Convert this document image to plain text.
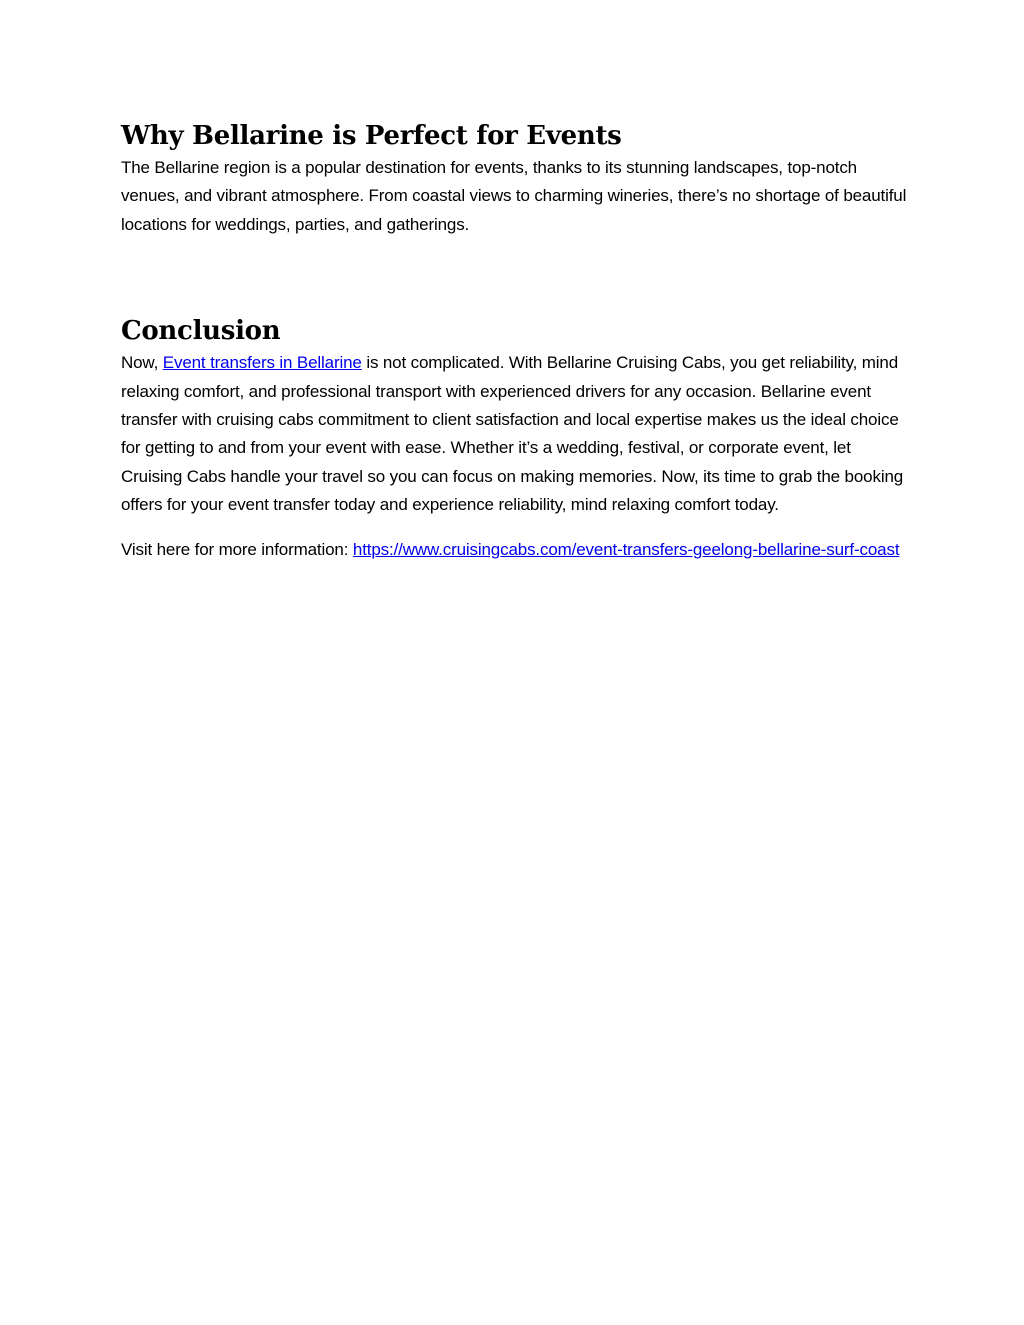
Why Bellarine is Perfect for Events

The Bellarine region is a popular destination for events, thanks to its stunning landscapes, top-notch venues, and vibrant atmosphere. From coastal views to charming wineries, there’s no shortage of beautiful locations for weddings, parties, and gatherings.

Conclusion

Now, Event transfers in Bellarine is not complicated. With Bellarine Cruising Cabs, you get reliability, mind relaxing comfort, and professional transport with experienced drivers for any occasion. Bellarine event transfer with cruising cabs commitment to client satisfaction and local expertise makes us the ideal choice for getting to and from your event with ease. Whether it’s a wedding, festival, or corporate event, let Cruising Cabs handle your travel so you can focus on making memories. Now, its time to grab the booking offers for your event transfer today and experience reliability, mind relaxing comfort today.

Visit here for more information: https://www.cruisingcabs.com/event-​transfers-​geelong-​bellarine-​surf-​coast
